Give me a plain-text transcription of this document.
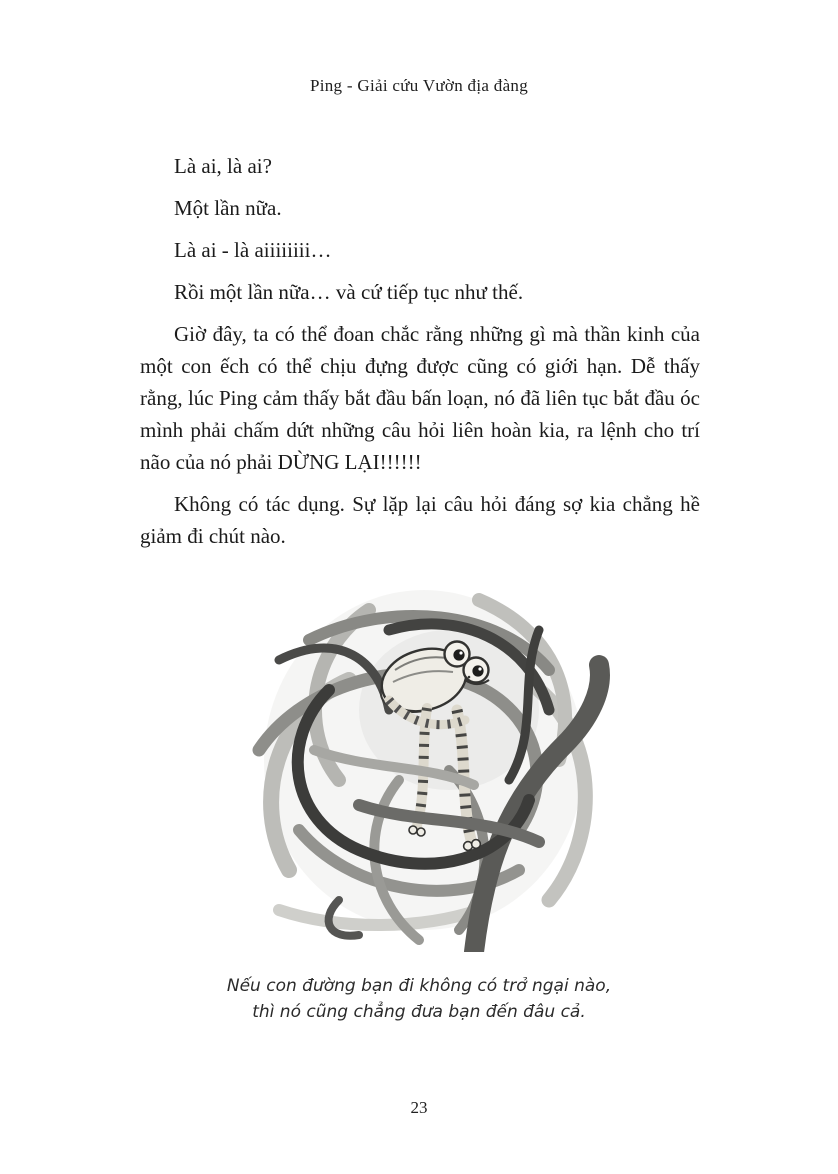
Ping - Giải cứu Vườn địa đàng

Là ai, là ai?

Một lần nữa.

Là ai - là aiiiiiiii…

Rồi một lần nữa… và cứ tiếp tục như thế.

Giờ đây, ta có thể đoan chắc rằng những gì mà thần kinh của một con ếch có thể chịu đựng được cũng có giới hạn. Dễ thấy rằng, lúc Ping cảm thấy bắt đầu bấn loạn, nó đã liên tục bắt đầu óc mình phải chấm dứt những câu hỏi liên hoàn kia, ra lệnh cho trí não của nó phải DỪNG LẠI!!!!!!

Không có tác dụng. Sự lặp lại câu hỏi đáng sợ kia chẳng hề giảm đi chút nào.

Nếu con đường bạn đi không có trở ngại nào,
thì nó cũng chẳng đưa bạn đến đâu cả.
23
